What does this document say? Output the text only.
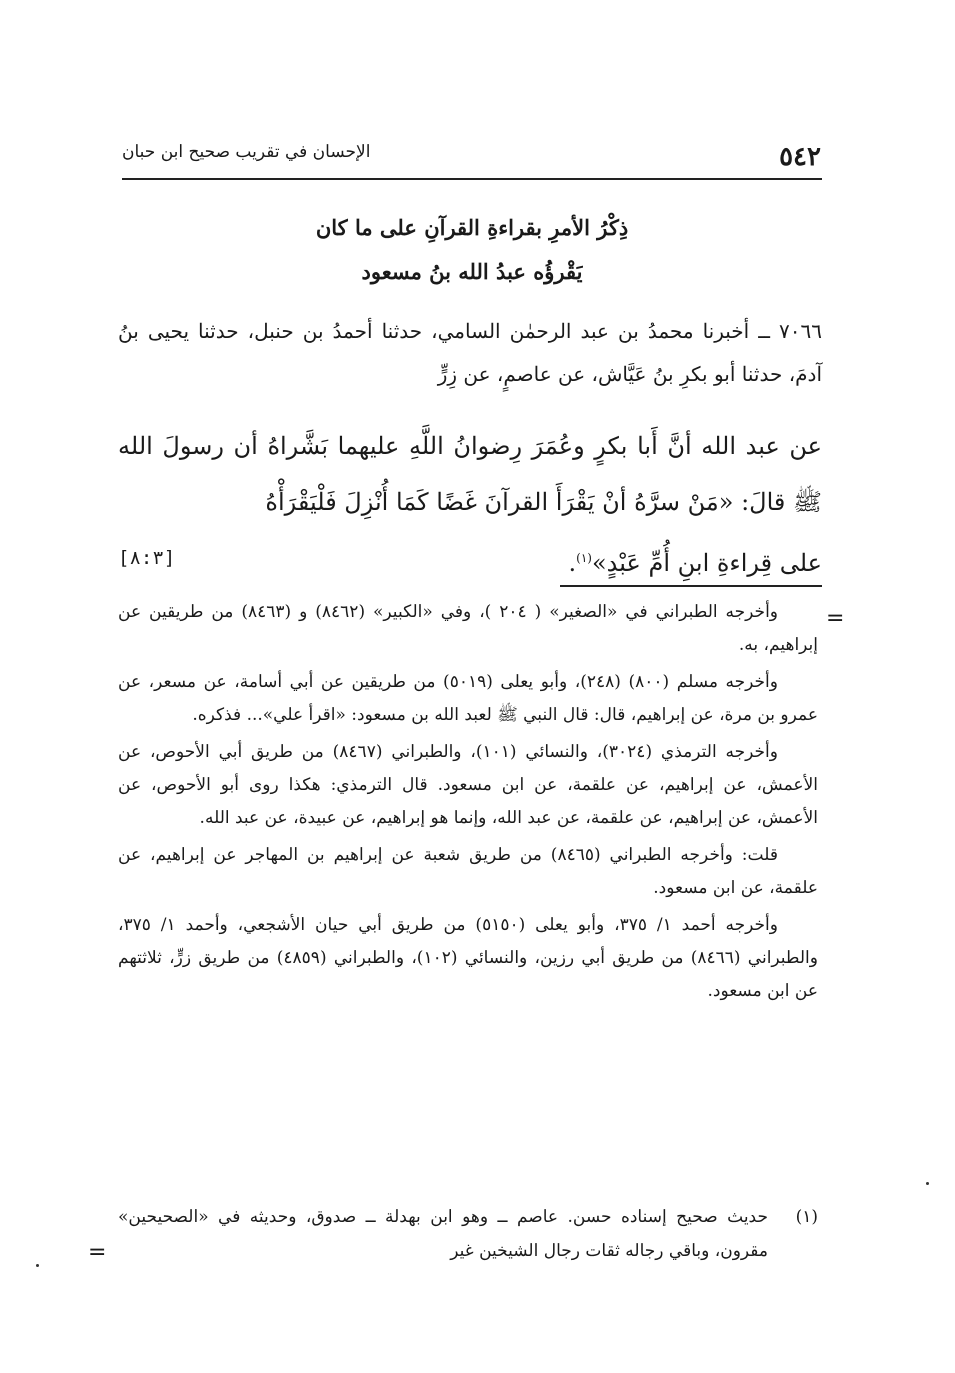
٥٤٢
الإحسان في تقريب صحيح ابن حبان
ذِكْرُ الأمرِ بقراءةِ القرآنِ على ما كان
يَقْرؤُه عبدُ الله بنُ مسعود
٧٠٦٦ ــ أخبرنا محمدُ بن عبد الرحمٰن السامي، حدثنا أحمدُ بن حنبل، حدثنا يحيى بنُ آدمَ، حدثنا أبو بكرِ بنُ عَيَّاش، عن عاصمٍ، عن زِرٍّ
عن عبد الله أنَّ أَبا بكرٍ وعُمَرَ رِضوانُ اللَّهِ عليهما بَشَّراهُ أن رسولَ الله ﷺ قالَ: «مَنْ سرَّهُ أنْ يَقْرَأَ القرآنَ غَضًا كَمَا أُنْزِلَ فَلْيَقْرَأْهُ
على قِراءةِ ابنِ أُمِّ عَبْدٍ»$^{(١)}$.
[٨:٣]
=

وأخرجه الطبراني في «الصغير» ( ٢٠٤ )، وفي «الكبير» (٨٤٦٢) و (٨٤٦٣) من طريقين عن إبراهيم، به.

وأخرجه مسلم (٨٠٠) (٢٤٨)، وأبو يعلى (٥٠١٩) من طريقين عن أبي أسامة، عن مسعر، عن عمرو بن مرة، عن إبراهيم، قال: قال النبي ﷺ لعبد الله بن مسعود: «اقرأ علي»... فذكره.

وأخرجه الترمذي (٣٠٢٤)، والنسائي (١٠١)، والطبراني (٨٤٦٧) من طريق أبي الأحوص، عن الأعمش، عن إبراهيم، عن علقمة، عن ابن مسعود. قال الترمذي: هكذا روى أبو الأحوص، عن الأعمش، عن إبراهيم، عن علقمة، عن عبد الله، وإنما هو إبراهيم، عن عبيدة، عن عبد الله.

قلت: وأخرجه الطبراني (٨٤٦٥) من طريق شعبة عن إبراهيم بن المهاجر عن إبراهيم، عن علقمة، عن ابن مسعود.

وأخرجه أحمد ١/ ٣٧٥، وأبو يعلى (٥١٥٠) من طريق أبي حيان الأشجعي، وأحمد ١/ ٣٧٥، والطبراني (٨٤٦٦) من طريق أبي رزين، والنسائي (١٠٢)، والطبراني (٤٨٥٩) من طريق زرٍّ، ثلاثتهم عن ابن مسعود.

(١)
حديث صحيح إسناده حسن. عاصم ــ وهو ابن بهدلة ــ صدوق، وحديثه في «الصحيحين» مقرون، وباقي رجاله ثقات رجال الشيخين غير
=
